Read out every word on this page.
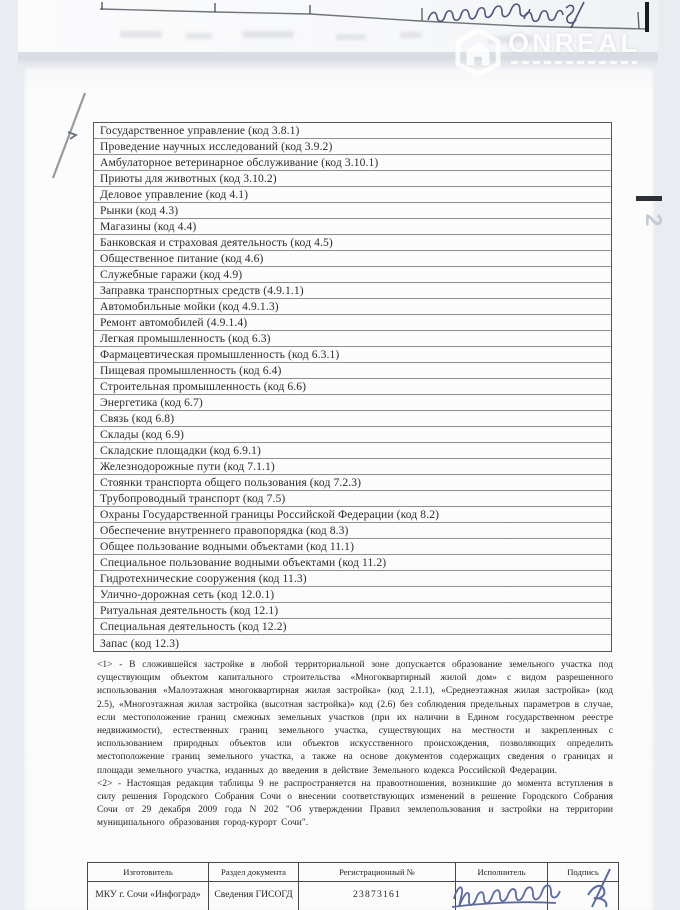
Государственное управление (код 3.8.1)
Проведение научных исследований (код 3.9.2)
Амбулаторное ветеринарное обслуживание (код 3.10.1)
Приюты для животных (код 3.10.2)
Деловое управление (код 4.1)
Рынки (код 4.3)
Магазины (код 4.4)
Банковская и страховая деятельность (код 4.5)
Общественное питание (код 4.6)
Служебные гаражи (код 4.9)
Заправка транспортных средств (4.9.1.1)
Автомобильные мойки (код 4.9.1.3)
Ремонт автомобилей (4.9.1.4)
Легкая промышленность (код 6.3)
Фармацевтическая промышленность (код 6.3.1)
Пищевая промышленность (код 6.4)
Строительная промышленность (код 6.6)
Энергетика (код 6.7)
Связь (код 6.8)
Склады (код 6.9)
Складские площадки (код 6.9.1)
Железнодорожные пути (код 7.1.1)
Стоянки транспорта общего пользования (код 7.2.3)
Трубопроводный транспорт (код 7.5)
Охраны Государственной границы Российской Федерации (код 8.2)
Обеспечение внутреннего правопорядка (код 8.3)
Общее пользование водными объектами (код 11.1)
Специальное пользование водными объектами (код 11.2)
Гидротехнические сооружения (код 11.3)
Улично-дорожная сеть (код 12.0.1)
Ритуальная деятельность (код 12.1)
Специальная деятельность (код 12.2)
Запас (код 12.3)
2

<1> - В сложившейся застройке в любой территориальной зоне допускается образование земельного участка под существующим объектом капитального строительства «Многоквартирный жилой дом» с видом разрешенного использования «Малоэтажная многоквартирная жилая застройка» (код 2.1.1), «Среднеэтажная жилая застройка» (код 2.5), «Многоэтажная жилая застройка (высотная застройка)» код (2.6) без соблюдения предельных параметров в случае, если местоположение границ смежных земельных участков (при их наличии в Едином государственном реестре недвижимости), естественных границ земельного участка, существующих на местности и закрепленных с использованием природных объектов или объектов искусственного происхождения, позволяющих определить местоположение границ земельного участка, а также на основе документов содержащих сведения о границах и площади земельного участка, изданных до введения в действие Земельного кодекса Российской Федерации.

<2> - Настоящая редакция таблицы 9 не распространяется на правоотношения, возникшие до момента вступления в силу решения Городского Собрания Сочи о внесении соответствующих изменений в решение Городского Собрания Сочи от 29 декабря 2009 года N 202 "Об утверждении Правил землепользования и застройки на территории муниципального образования город-курорт Сочи".

Изготовитель	Раздел документа	Регистрационный №	Исполнитель	Подпись
МКУ г. Сочи «Инфоград»	Сведения ГИСОГД	23873161
ONREAL
